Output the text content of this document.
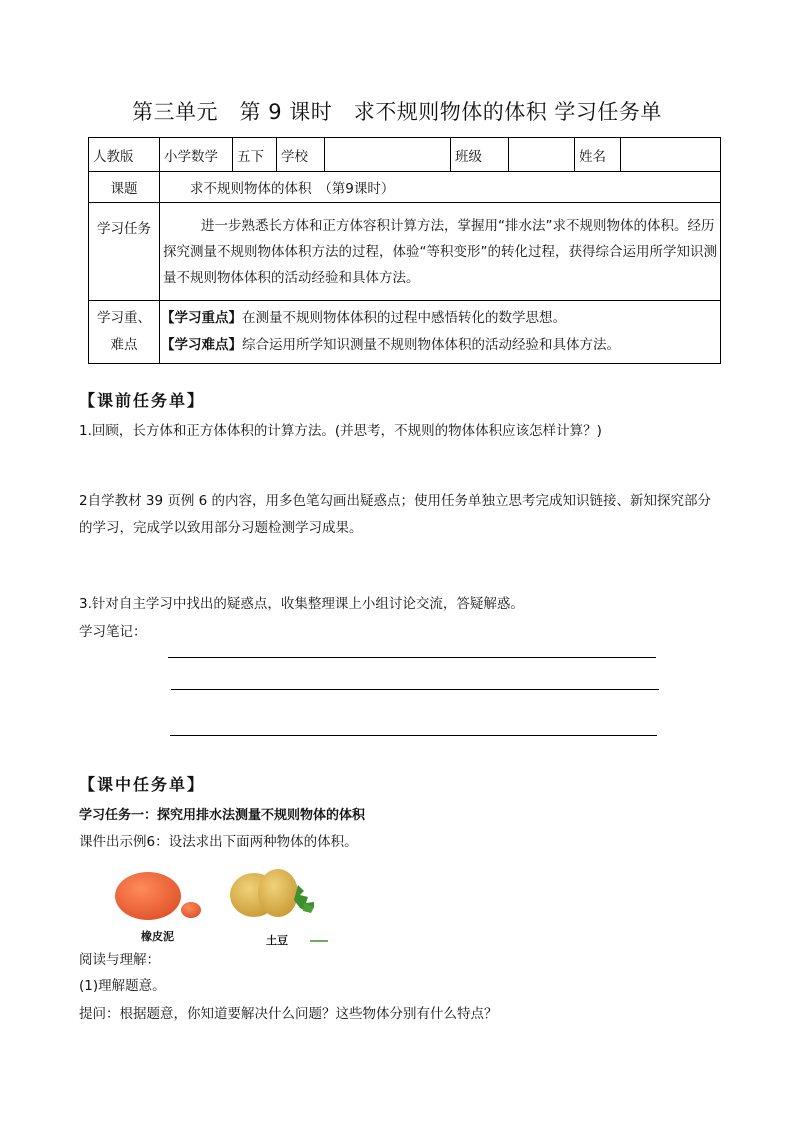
第三单元　第 9 课时　求不规则物体的体积 学习任务单
人教版	小学数学	五下	学校		班级		姓名	
课题	求不规则物体的体积　（第9课时）							
学习任务	进一步熟悉长方体和正方体容积计算方法，掌握用“排水法”求不规则物体的体积。经历探究测量不规则物体体积方法的过程，体验“等积变形”的转化过程，获得综合运用所学知识测量不规则物体体积的活动经验和具体方法。							
学习重、难点	【学习重点】在测量不规则物体体积的过程中感悟转化的数学思想。
【学习难点】综合运用所学知识测量不规则物体体积的活动经验和具体方法。							
【课前任务单】
1.回顾，长方体和正方体体积的计算方法。(并思考，不规则的物体体积应该怎样计算？)
2自学教材 39 页例 6 的内容，用多色笔勾画出疑惑点；使用任务单独立思考完成知识链接、新知探究部分的学习，完成学以致用部分习题检测学习成果。
3.针对自主学习中找出的疑惑点，收集整理课上小组讨论交流，答疑解惑。
学习笔记：
【课中任务单】
学习任务一：探究用排水法测量不规则物体的体积
课件出示例6：设法求出下面两种物体的体积。
橡皮泥	土豆
阅读与理解：
(1)理解题意。
提问：根据题意，你知道要解决什么问题？这些物体分别有什么特点？
